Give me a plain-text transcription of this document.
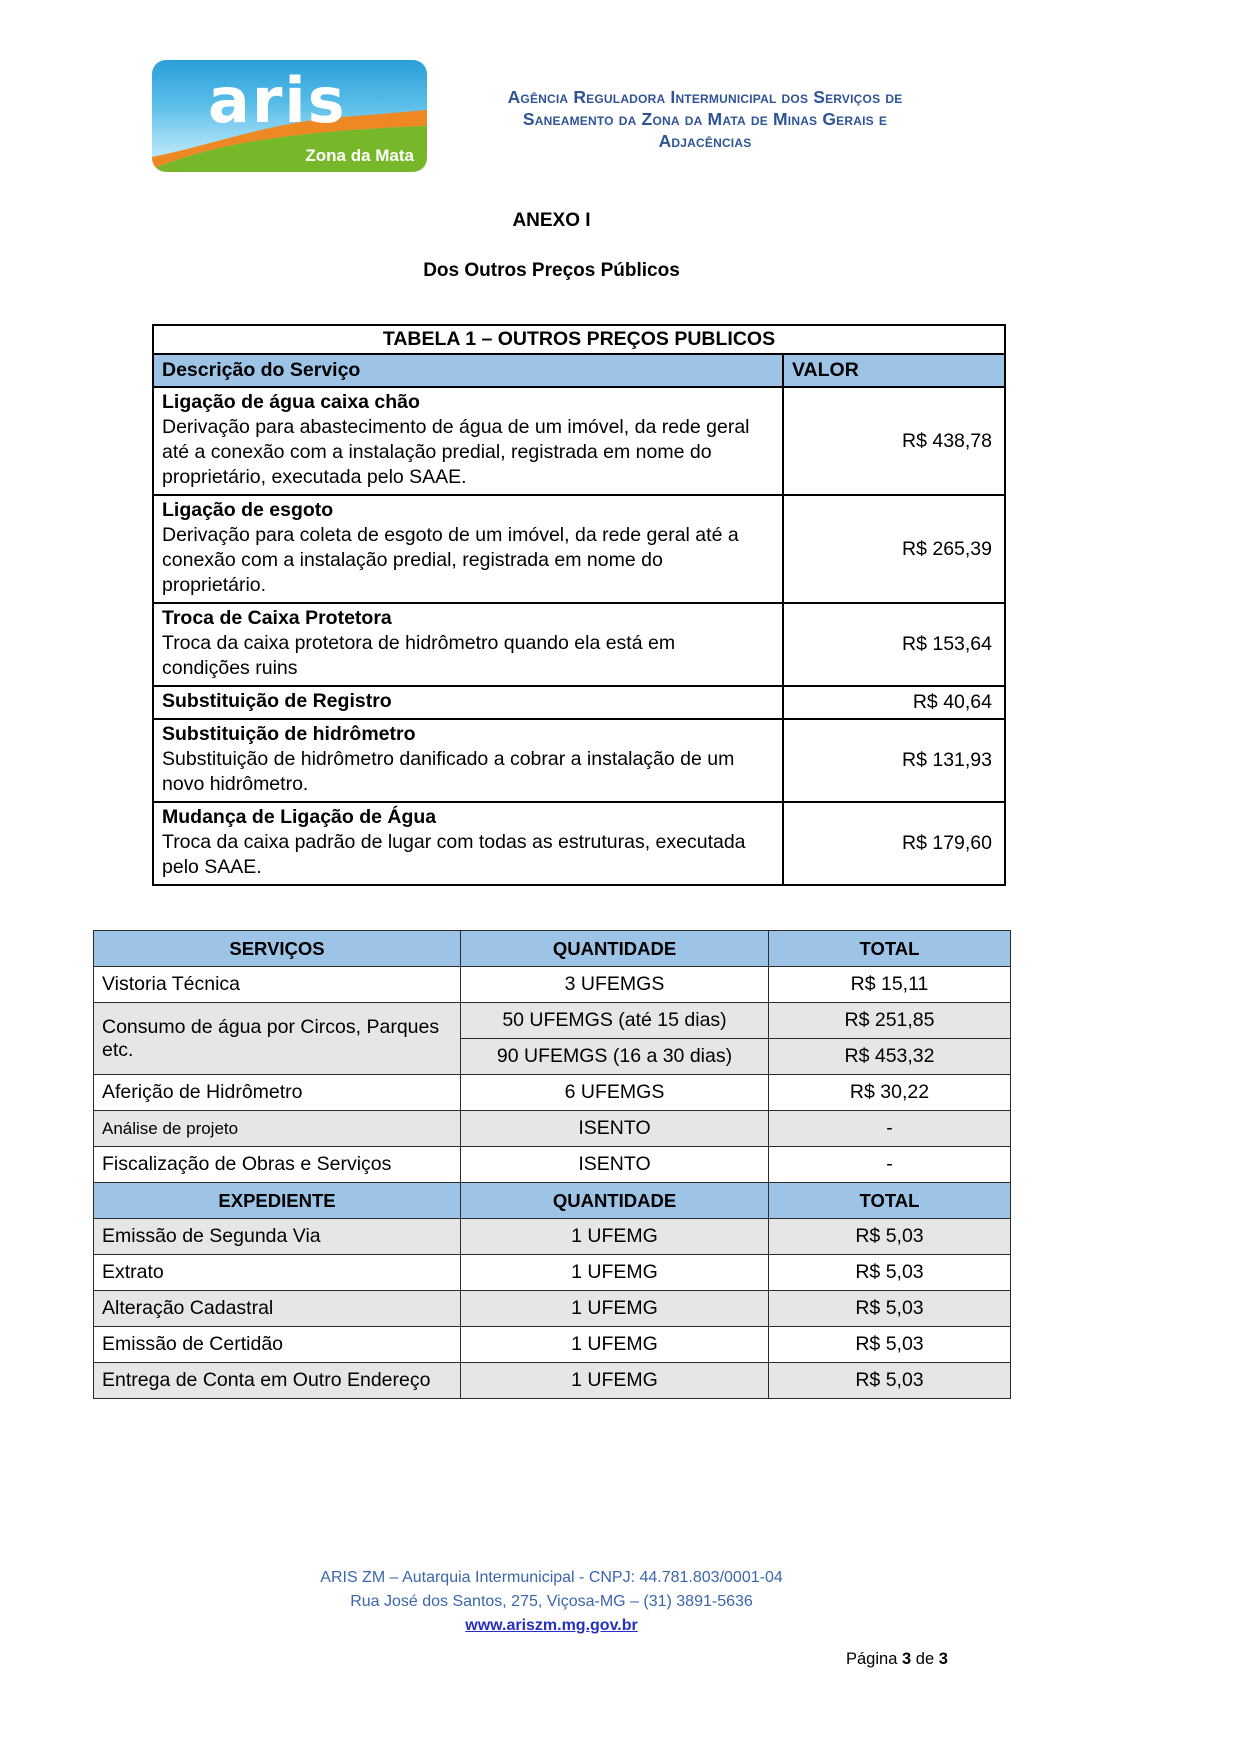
aris
Zona da Mata
Agência Reguladora Intermunicipal dos Serviços de
Saneamento da Zona da Mata de Minas Gerais e
Adjacências
ANEXO I
Dos Outros Preços Públicos
TABELA 1 – OUTROS PREÇOS PUBLICOS	
Descrição do Serviço	VALOR

Ligação de água caixa chão
Derivação para abastecimento de água de um imóvel, da rede geral até a conexão com a instalação predial, registrada em nome do proprietário, executada pelo SAAE.	R$ 438,78

Ligação de esgoto
Derivação para coleta de esgoto de um imóvel, da rede geral até a conexão com a instalação predial, registrada em nome do proprietário.	R$ 265,39

Troca de Caixa Protetora
Troca da caixa protetora de hidrômetro quando ela está em condições ruins	R$ 153,64

Substituição de Registro	R$ 40,64

Substituição de hidrômetro
Substituição de hidrômetro danificado a cobrar a instalação de um novo hidrômetro.	R$ 131,93

Mudança de Ligação de Água
Troca da caixa padrão de lugar com todas as estruturas, executada pelo SAAE.	R$ 179,60
SERVIÇOS	QUANTIDADE	TOTAL
Vistoria Técnica	3 UFEMGS	R$ 15,11
Consumo de água por Circos, Parques etc.	50 UFEMGS (até 15 dias)	R$ 251,85
	90 UFEMGS (16 a 30 dias)	R$ 453,32
Aferição de Hidrômetro	6 UFEMGS	R$ 30,22
Análise de projeto	ISENTO	-
Fiscalização de Obras e Serviços	ISENTO	-
EXPEDIENTE	QUANTIDADE	TOTAL
Emissão de Segunda Via	1 UFEMG	R$ 5,03
Extrato	1 UFEMG	R$ 5,03
Alteração Cadastral	1 UFEMG	R$ 5,03
Emissão de Certidão	1 UFEMG	R$ 5,03
Entrega de Conta em Outro Endereço	1 UFEMG	R$ 5,03
ARIS ZM – Autarquia Intermunicipal - CNPJ: 44.781.803/0001-04
Rua José dos Santos, 275, Viçosa-MG – (31) 3891-5636
www.ariszm.mg.gov.br
Página 3 de 3
